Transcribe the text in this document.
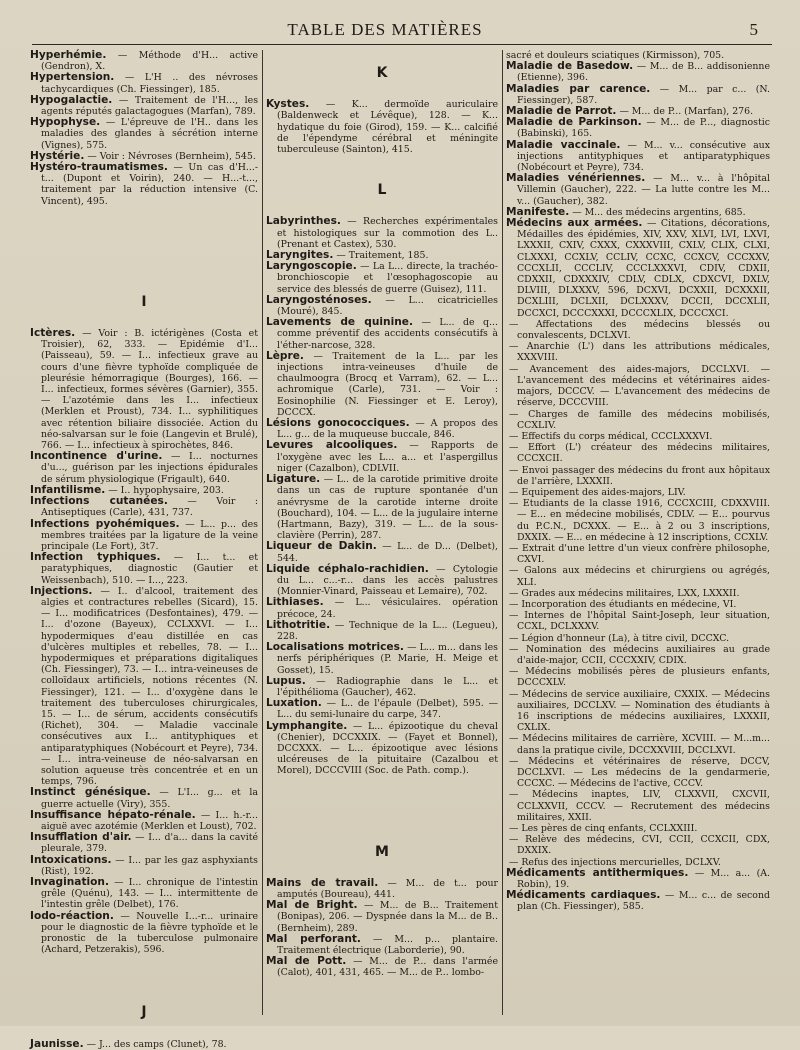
TABLE DES MATIÈRES	5

Hyperhémie. — Méthode d'H... active (Gendron), X.

Hypertension. — L'H .. des névroses tachycardiques (Ch. Fiessinger), 185.

Hypogalactie. — Traitement de l'H..., les agents réputés galactagogues (Marfan), 789.

Hypophyse. — L'épreuve de l'H.. dans les maladies des glandes à sécrétion interne (Vignes), 575.

Hystérie. — Voir : Névroses (Bernheim), 545.

Hystéro-traumatismes. — Un cas d'H...-t... (Dupont et Voirin), 240. — H...-t..., traitement par la réduction intensive (C. Vincent), 495.

I

Ictères. — Voir : B. ictérigènes (Costa et Troisier), 62, 333. — Epidémie d'I... (Paisseau), 59. — I... infectieux grave au cours d'une fièvre typhoïde compliquée de pleurésie hémorragique (Bourges), 166. — I... infectieux, formes sévères (Garnier), 355. — L'azotémie dans les I... infectieux (Merklen et Proust), 734. I... syphilitiques avec rétention biliaire dissociée. Action du néo-salvarsan sur le foie (Langevin et Brulé), 766. — I... infectieux à spirochètes, 846.

Incontinence d'urine. — I... nocturnes d'u..., guérison par les injections épidurales de sérum physiologique (Frigault), 640.

Infantilisme. — I.. hypophysaire, 203.

Infections cutanées. — Voir : Antiseptiques (Carle), 431, 737.

Infections pyohémiques. — L... p... des membres traitées par la ligature de la veine principale (Le Fort), 3t7.

Infection typhiques. — I... t... et paratyphiques, diagnostic (Gautier et Weissenbach), 510. — I..., 223.

Injections. — I.. d'alcool, traitement des algies et contractures rebelles (Sicard), 15. — I... modificatrices (Desfontaines), 479. — I... d'ozone (Bayeux), CCLXXVI. — I... hypodermiques d'eau distillée en cas d'ulcères multiples et rebelles, 78. — I... hypodermiques et préparations digitaliques (Ch. Fiessinger), 73. — I... intra-veineuses de colloïdaux artificiels, notions récentes (N. Fiessinger), 121. — I... d'oxygène dans le traitement des tuberculoses chirurgicales, 15. — I... de sérum, accidents consécutifs (Richet), 304. — Maladie vaccinale consécutives aux I... antityphiques et antiparatyphiques (Nobécourt et Peyre), 734. — I... intra-veineuse de néo-salvarsan en solution aqueuse très concentrée et en un temps, 796.

Instinct génésique. — L'I... g... et la guerre actuelle (Viry), 355.

Insuffisance hépato-rénale. — I... h.-r... aiguë avec azotémie (Merklen et Loust), 702.

Insufflation d'air. — I... d'a... dans la cavité pleurale, 379.

Intoxications. — I... par les gaz asphyxiants (Rist), 192.

Invagination. — I... chronique de l'intestin grêle (Quénu), 143. — I... intermittente de l'intestin grêle (Delbet), 176.

Iodo-réaction. — Nouvelle I...-r... urinaire pour le diagnostic de la fièvre typhoïde et le pronostic de la tuberculose pulmonaire (Achard, Petzerakis), 596.

J

Jaunisse. — J... des camps (Clunet), 78.

K

Kystes. — K... dermoïde auriculaire (Baldenweck et Lévêque), 128. — K... hydatique du foie (Girod), 159. — K... calcifié de l'épendyme cérébral et méningite tuberculeuse (Sainton), 415.

L

Labyrinthes. — Recherches expérimentales et histologiques sur la commotion des L.. (Prenant et Castex), 530.

Laryngites. — Traitement, 185.

Laryngoscopie. — La L... directe, la trachéo-bronchioscopie et l'œsophagoscopie au service des blessés de guerre (Guisez), 111.

Laryngosténoses. — L... cicatricielles (Mouré), 845.

Lavements de quinine. — L... de q... comme préventif des accidents consécutifs à l'éther-narcose, 328.

Lèpre. — Traitement de la L... par les injections intra-veineuses d'huile de chaulmoogra (Brocq et Varram), 62. — L... achromique (Carle), 731. — Voir : Eosinophilie (N. Fiessinger et E. Leroy), DCCCX.

Lésions gonococciques. — A propos des L... g... de la muqueuse buccale, 846.

Levures alcooliques. — Rapports de l'oxygène avec les L... a... et l'aspergillus niger (Cazalbon), CDLVII.

Ligature. — L.. de la carotide primitive droite dans un cas de rupture spontanée d'un anévrysme de la carotide interne droite (Bouchard), 104. — L... de la jugulaire interne (Hartmann, Bazy), 319. — L... de la sous-clavière (Perrin), 287.

Liqueur de Dakin. — L... de D... (Delbet), 544.

Liquide céphalo-rachidien. — Cytologie du L... c...-r... dans les accès palustres (Monnier-Vinard, Paisseau et Lemaire), 702.

Lithiases. — L... vésiculaires. opération précoce, 24.

Lithotritie. — Technique de la L... (Legueu), 228.

Localisations motrices. — L... m... dans les nerfs périphériques (P. Marie, H. Meige et Gosset), 15.

Lupus. — Radiographie dans le L... et l'épithélioma (Gaucher), 462.

Luxation. — L.. de l'épaule (Delbet), 595. — L... du semi-lunaire du carpe, 347.

Lymphangite. — L... épizootique du cheval (Chenier), DCCXXIX. — (Fayet et Bonnel), DCCXXX. — L... épizootique avec lésions ulcéreuses de la pituitaire (Cazalbou et Morel), DCCCVIII (Soc. de Path. comp.).

M

Mains de travail. — M... de t... pour amputés (Boureau), 441.

Mal de Bright. — M... de B... Traitement (Bonipas), 206. — Dyspnée dans la M... de B.. (Bernheim), 289.

Mal perforant. — M... p... plantaire. Traitement électrique (Laborderie), 90.

Mal de Pott. — M... de P... dans l'armée (Calot), 401, 431, 465. — M... de P... lombo-

sacré et douleurs sciatiques (Kirmisson), 705.

Maladie de Basedow. — M... de B... addisonienne (Etienne), 396.

Maladies par carence. — M... par c... (N. Fiessinger), 587.

Maladie de Parrot. — M... de P... (Marfan), 276.

Maladie de Parkinson. — M... de P..., diagnostic (Babinski), 165.

Maladie vaccinale. — M... v... consécutive aux injections antityphiques et antiparatyphiques (Nobécourt et Peyre), 734.

Maladies vénériennes. — M... v... à l'hôpital Villemin (Gaucher), 222. — La lutte contre les M... v... (Gaucher), 382.

Manifeste. — M... des médecins argentins, 685.

Médecins aux armées. — Citations, décorations, Médailles des épidémies, XIV, XXV, XLVI, LVI, LXVI, LXXXII, CXIV, CXXX, CXXXVIII, CXLV, CLIX, CLXI, CLXXXI, CCXLV, CCLIV, CCXC, CCXCV, CCCXXV, CCCXLII, CCCLIV, CCCLXXXVI, CDIV, CDXII, CDXXII, CDXXXIV, CDLV, CDLX, CDXCVI, DXLV, DLVIII, DLXXXV, 596, DCXVI, DCXXII, DCXXXII, DCXLIII, DCLXII, DCLXXXV, DCCII, DCCXLII, DCCXCI, DCCCXXXI, DCCCXLIX, DCCCXCI.

— Affectations des médecins blessés ou convalescents, DCLXVI.

— Anarchie (L') dans les attributions médicales, XXXVIII.

— Avancement des aides-majors, DCCLXVI. — L'avancement des médecins et vétérinaires aides-majors, DCCCV. — L'avancement des médecins de réserve, DCCCVIII.

— Charges de famille des médecins mobilisés, CCXLIV.

— Effectifs du corps médical, CCCLXXXVI.

— Effort (L') créateur des médecins militaires, CCCXCII.

— Envoi passager des médecins du front aux hôpitaux de l'arrière, LXXXII.

— Equipement des aides-majors, LIV.

— Etudiants de la classe 1916, CCCXCIII, CDXXVIII. — E... en médecine mobilisés, CDLV. — E... pourvus du P.C.N., DCXXX. — E... à 2 ou 3 inscriptions, DXXIX. — E... en médecine à 12 inscriptions, CCXLV.

— Extrait d'une lettre d'un vieux confrère philosophe, CXVI.

— Galons aux médecins et chirurgiens ou agrégés, XLI.

— Grades aux médecins militaires, LXX, LXXXII.

— Incorporation des étudiants en médecine, VI.

— Internes de l'hôpital Saint-Joseph, leur situation, CCXL, DCLXXXV.

— Légion d'honneur (La), à titre civil, DCCXC.

— Nomination des médecins auxiliaires au grade d'aide-major, CCII, CCCXXIV, CDIX.

— Médecins mobilisés pères de plusieurs enfants, DCCCXLV.

— Médecins de service auxiliaire, CXXIX. — Médecins auxiliaires, DCCLXV. — Nomination des étudiants à 16 inscriptions de médecins auxiliaires, LXXXII, CXLIX.

— Médecins militaires de carrière, XCVIII. — M...m... dans la pratique civile, DCCXXVIII, DCCLXVI.

— Médecins et vétérinaires de réserve, DCCV, DCCLXVI. — Les médecins de la gendarmerie, CCCXC. — Médecins de l'active, CCCV.

— Médecins inaptes, LIV, CLXXVII, CXCVII, CCLXXVII, CCCV. — Recrutement des médecins militaires, XXII.

— Les pères de cinq enfants, CCLXXIII.

— Relève des médecins, CVI, CCII, CCXCII, CDX, DXXIX.

— Refus des injections mercurielles, DCLXV.

Médicaments antithermiques. — M... a... (A. Robin), 19.

Médicaments cardiaques. — M... c... de second plan (Ch. Fiessinger), 585.
